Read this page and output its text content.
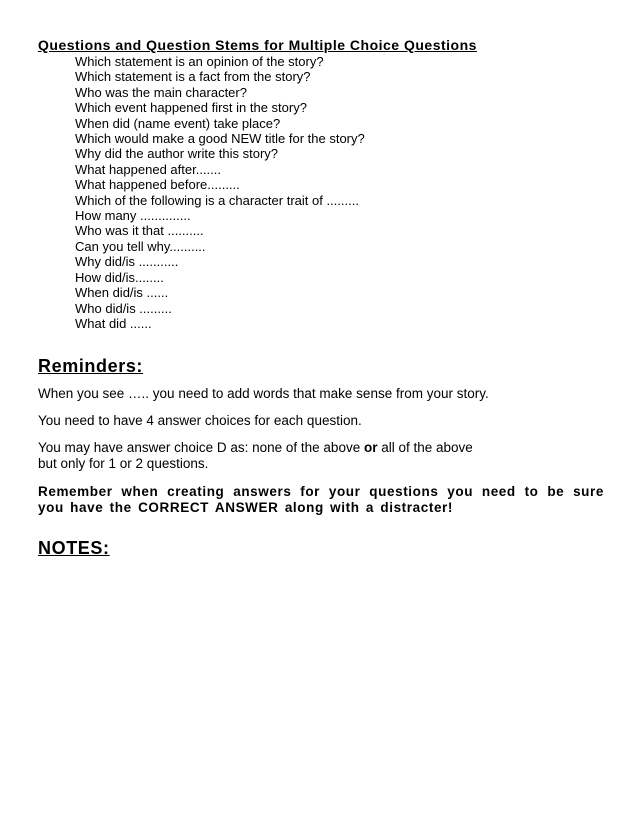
Questions and Question Stems for Multiple Choice Questions
Which statement is an opinion of the story?
Which statement is a fact from the story?
Who was the main character?
Which event happened first in the story?
When did (name event) take place?
Which would make a good NEW title for the story?
Why did the author write this story?
What happened after.......
What happened before.........
Which of the following is a character trait of .........
How many ..............
Who was it that ..........
Can you tell why..........
Why did/is ...........
How did/is........
When did/is ......
Who did/is .........
What did ......
Reminders:

When you see ….. you need to add words that make sense from your story.

You need to have 4 answer choices for each question.

You may have answer choice D as: none of the above or all of the above
but only for 1 or 2 questions.

Remember when creating answers for your questions you need to be sure you have the CORRECT ANSWER along with a distracter!

NOTES:
